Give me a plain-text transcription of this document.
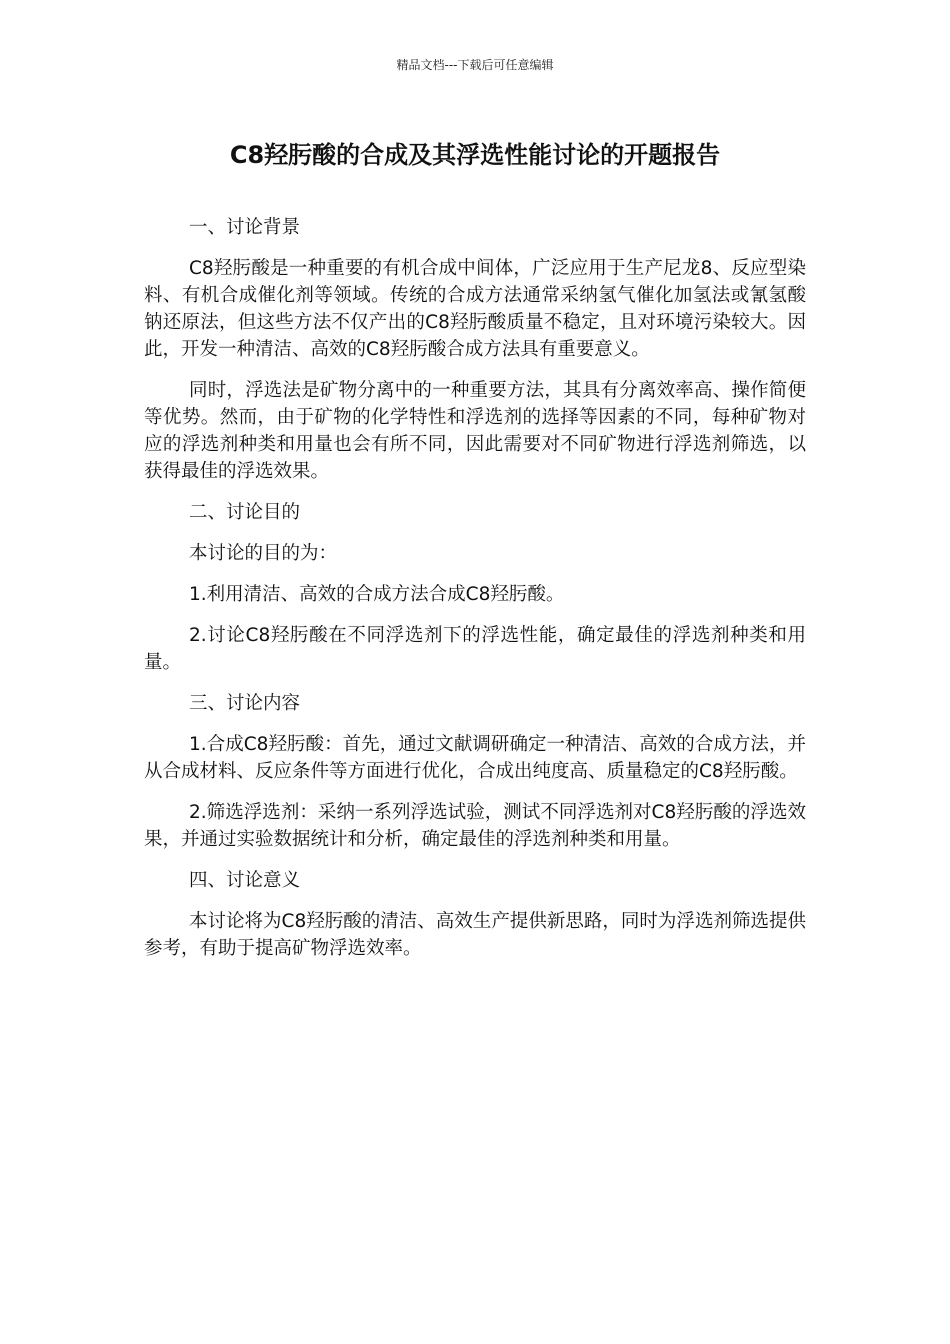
精品文档---下载后可任意编辑
C8羟肟酸的合成及其浮选性能讨论的开题报告

一、讨论背景

C8羟肟酸是一种重要的有机合成中间体，广泛应用于生产尼龙8、反应型染料、有机合成催化剂等领域。传统的合成方法通常采纳氢气催化加氢法或氰氢酸钠还原法，但这些方法不仅产出的C8羟肟酸质量不稳定，且对环境污染较大。因此，开发一种清洁、高效的C8羟肟酸合成方法具有重要意义。

同时，浮选法是矿物分离中的一种重要方法，其具有分离效率高、操作简便等优势。然而，由于矿物的化学特性和浮选剂的选择等因素的不同，每种矿物对应的浮选剂种类和用量也会有所不同，因此需要对不同矿物进行浮选剂筛选，以获得最佳的浮选效果。

二、讨论目的

本讨论的目的为：

1.利用清洁、高效的合成方法合成C8羟肟酸。

2.讨论C8羟肟酸在不同浮选剂下的浮选性能，确定最佳的浮选剂种类和用量。

三、讨论内容

1.合成C8羟肟酸：首先，通过文献调研确定一种清洁、高效的合成方法，并从合成材料、反应条件等方面进行优化，合成出纯度高、质量稳定的C8羟肟酸。

2.筛选浮选剂：采纳一系列浮选试验，测试不同浮选剂对C8羟肟酸的浮选效果，并通过实验数据统计和分析，确定最佳的浮选剂种类和用量。

四、讨论意义

本讨论将为C8羟肟酸的清洁、高效生产提供新思路，同时为浮选剂筛选提供参考，有助于提高矿物浮选效率。
